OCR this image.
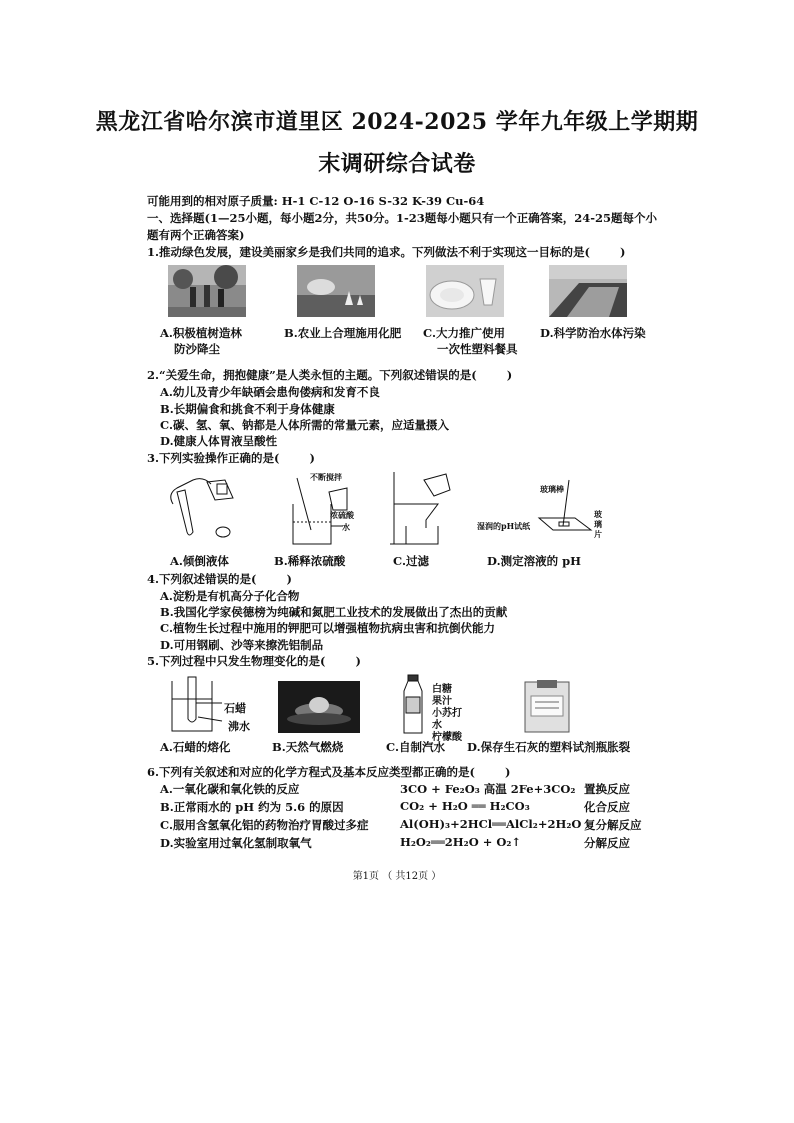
黑龙江省哈尔滨市道里区 2024-2025 学年九年级上学期期
末调研综合试卷
可能用到的相对原子质量: H-1 C-12 O-16 S-32 K-39 Cu-64
一、选择题(1—25小题，每小题2分，共50分。1-23题每小题只有一个正确答案，24-25题每个小
题有两个正确答案)
1.推动绿色发展，建设美丽家乡是我们共同的追求。下列做法不利于实现这一目标的是(	)
A.积极植树造林
防沙降尘
B.农业上合理施用化肥 C.大力推广使用
一次性塑料餐具
D.科学防治水体污染
2.“关爱生命，拥抱健康”是人类永恒的主题。下列叙述错误的是(	)
A.幼儿及青少年缺硒会患佝偻病和发育不良
B.长期偏食和挑食不利于身体健康
C.碳、氢、氧、钠都是人体所需的常量元素，应适量摄入
D.健康人体胃液呈酸性
3.下列实验操作正确的是(	)
不断搅拌
浓硫酸
水
玻璃棒
玻
璃
片
湿润的pH试纸
A.倾倒液体	B.稀释浓硫酸	C.过滤	D.测定溶液的 pH
4.下列叙述错误的是(	)
A.淀粉是有机高分子化合物
B.我国化学家侯德榜为纯碱和氮肥工业技术的发展做出了杰出的贡献
C.植物生长过程中施用的钾肥可以增强植物抗病虫害和抗倒伏能力
D.可用钢刷、沙等来擦洗铝制品
5.下列过程中只发生物理变化的是(	)
石蜡
沸水
白糖
果汁
小苏打
水
柠檬酸
A.石蜡的熔化	B.天然气燃烧	C.自制汽水 D.保存生石灰的塑料试剂瓶胀裂
6.下列有关叙述和对应的化学方程式及基本反应类型都正确的是(	)
A.一氧化碳和氧化铁的反应	3CO + Fe₂O₃ 高温 2Fe+3CO₂ 置换反应
B.正常雨水的 pH 约为 5.6 的原因	CO₂ + H₂O ══ H₂CO₃	化合反应
C.服用含氢氧化铝的药物治疗胃酸过多症	Al(OH)₃+2HCl══AlCl₂+2H₂O 复分解反应
D.实验室用过氧化氢制取氧气	H₂O₂══2H₂O + O₂↑	分解反应
第1页 （ 共12页 ）
